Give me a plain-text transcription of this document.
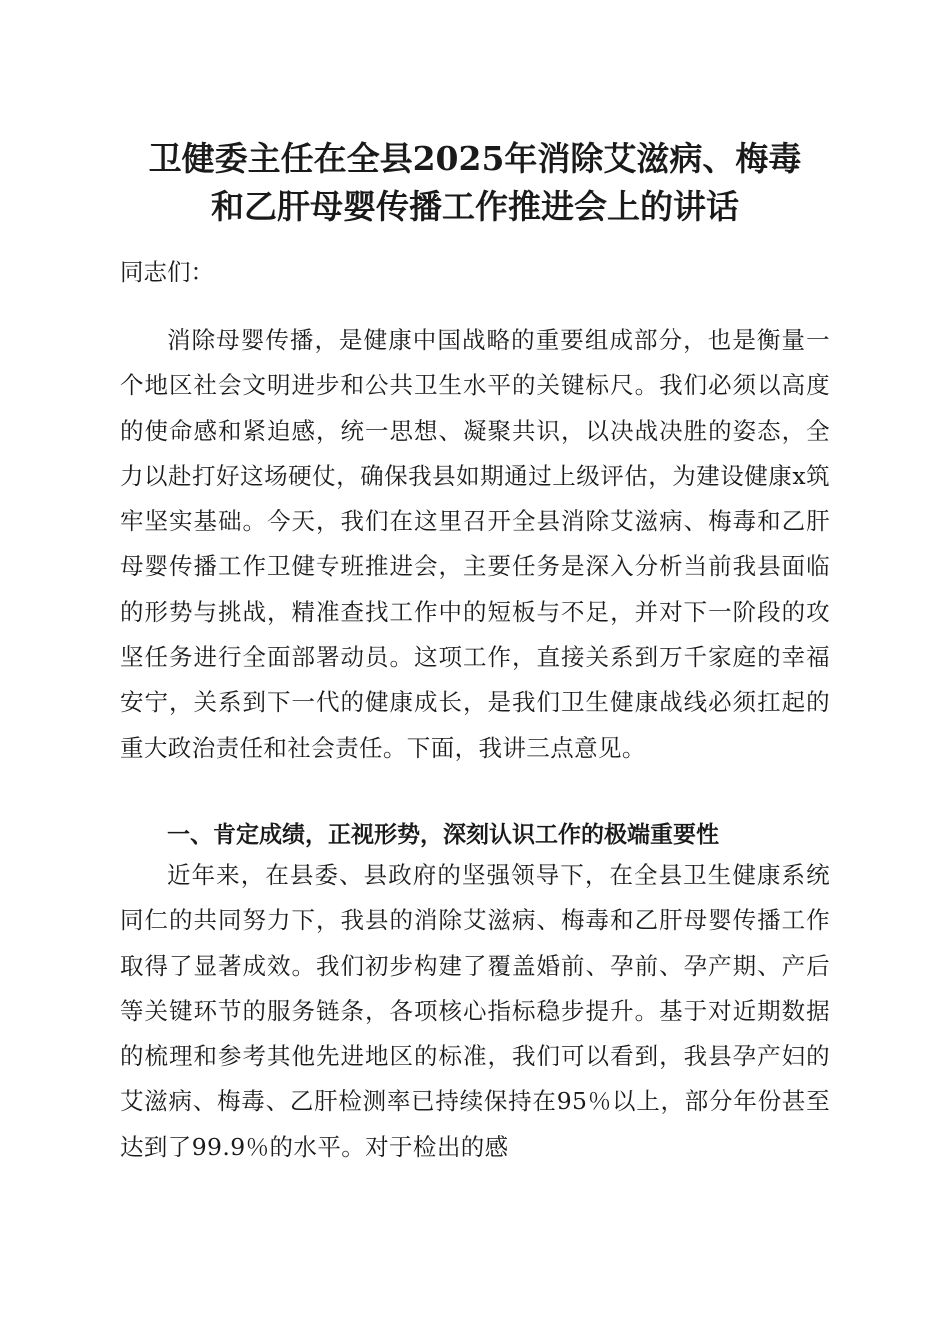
卫健委主任在全县2025年消除艾滋病、梅毒
和乙肝母婴传播工作推进会上的讲话

同志们：

消除母婴传播，是健康中国战略的重要组成部分，也是衡量一个地区社会文明进步和公共卫生水平的关键标尺。我们必须以高度的使命感和紧迫感，统一思想、凝聚共识，以决战决胜的姿态，全力以赴打好这场硬仗，确保我县如期通过上级评估，为建设健康x筑牢坚实基础。今天，我们在这里召开全县消除艾滋病、梅毒和乙肝母婴传播工作卫健专班推进会，主要任务是深入分析当前我县面临的形势与挑战，精准查找工作中的短板与不足，并对下一阶段的攻坚任务进行全面部署动员。这项工作，直接关系到万千家庭的幸福安宁，关系到下一代的健康成长，是我们卫生健康战线必须扛起的重大政治责任和社会责任。下面，我讲三点意见。

一、肯定成绩，正视形势，深刻认识工作的极端重要性

近年来，在县委、县政府的坚强领导下，在全县卫生健康系统同仁的共同努力下，我县的消除艾滋病、梅毒和乙肝母婴传播工作取得了显著成效。我们初步构建了覆盖婚前、孕前、孕产期、产后等关键环节的服务链条，各项核心指标稳步提升。基于对近期数据的梳理和参考其他先进地区的标准，我们可以看到，我县孕产妇的艾滋病、梅毒、乙肝检测率已持续保持在95％以上，部分年份甚至达到了99.9％的水平。对于检出的感
